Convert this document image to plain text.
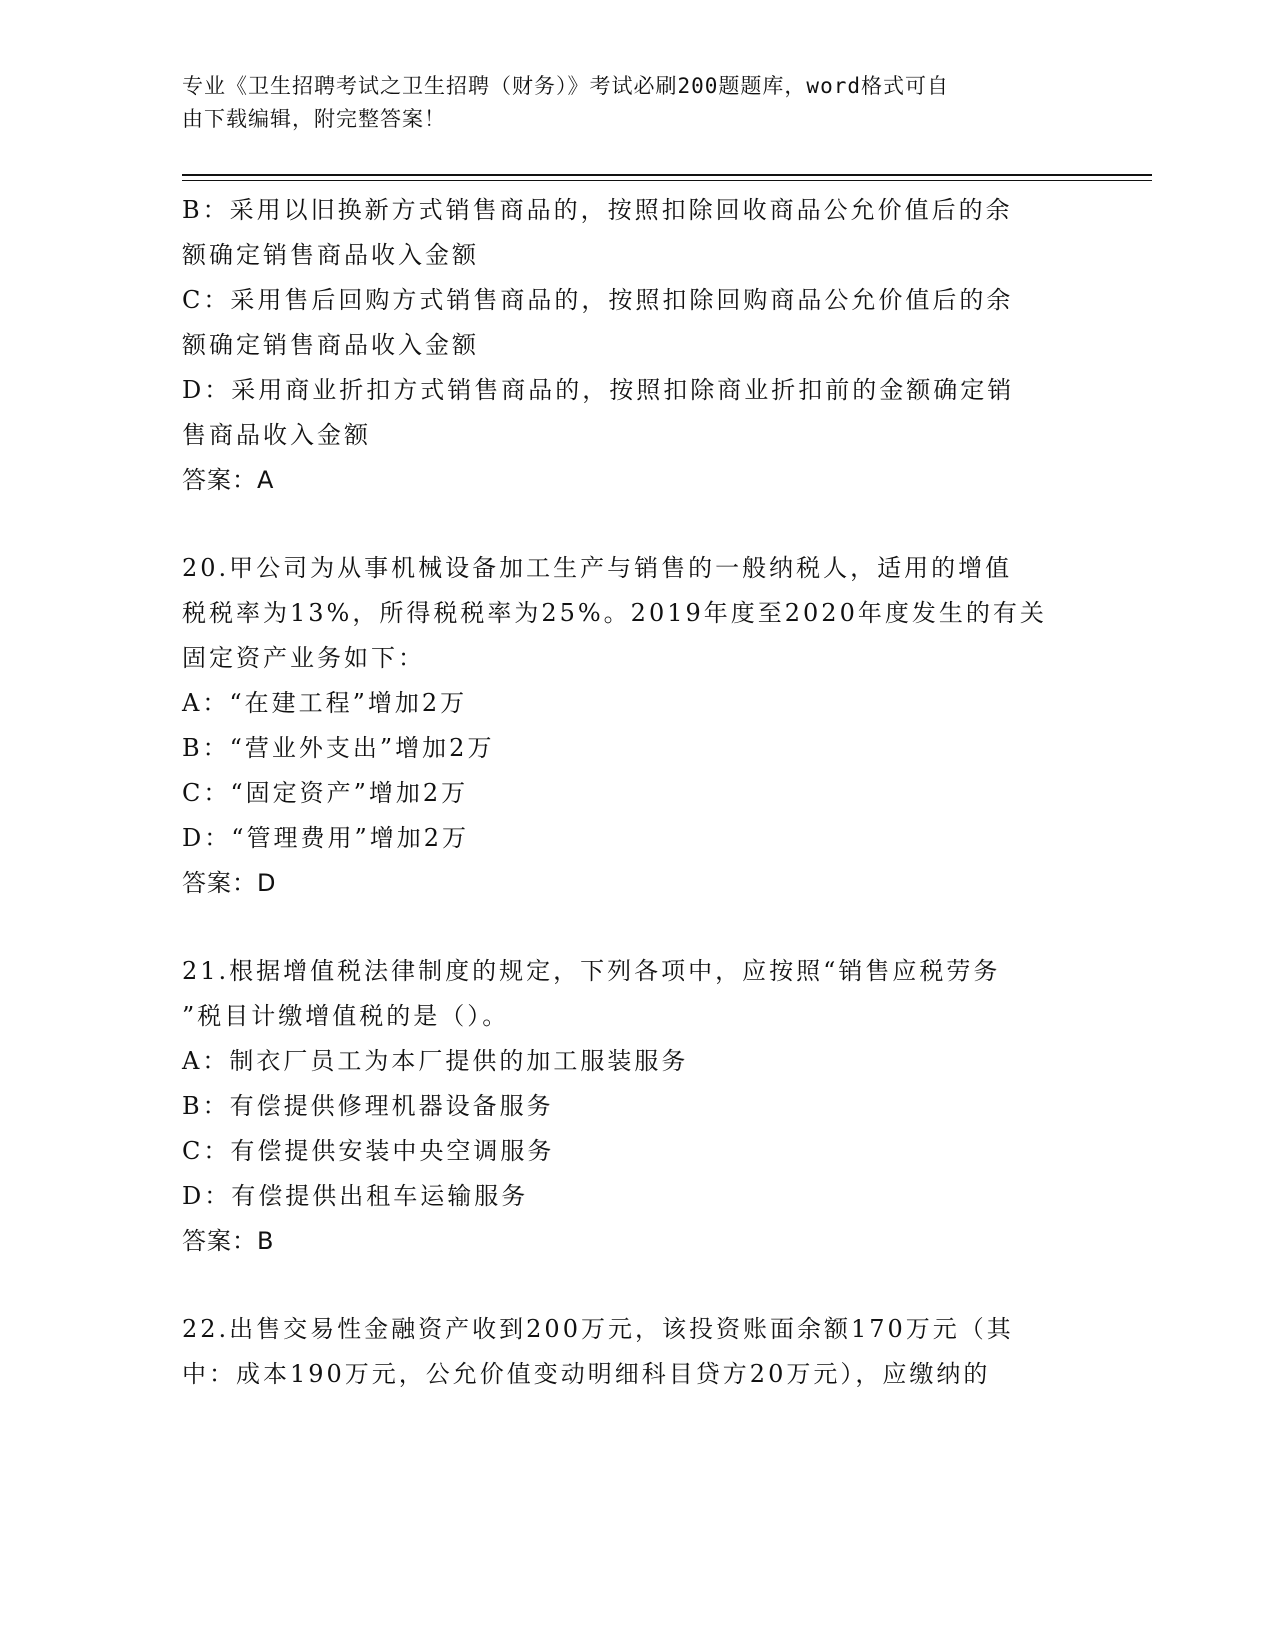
专业《卫生招聘考试之卫生招聘（财务）》考试必刷200题题库，word格式可自
由下载编辑，附完整答案！
B：采用以旧换新方式销售商品的，按照扣除回收商品公允价值后的余
额确定销售商品收入金额
C：采用售后回购方式销售商品的，按照扣除回购商品公允价值后的余
额确定销售商品收入金额
D：采用商业折扣方式销售商品的，按照扣除商业折扣前的金额确定销
售商品收入金额
答案：A
20.甲公司为从事机械设备加工生产与销售的一般纳税人，适用的增值
税税率为13%，所得税税率为25%。2019年度至2020年度发生的有关
固定资产业务如下：
A：“在建工程”增加2万
B：“营业外支出”增加2万
C：“固定资产”增加2万
D：“管理费用”增加2万
答案：D
21.根据增值税法律制度的规定，下列各项中，应按照“销售应税劳务
”税目计缴增值税的是（）。
A：制衣厂员工为本厂提供的加工服装服务
B：有偿提供修理机器设备服务
C：有偿提供安装中央空调服务
D：有偿提供出租车运输服务
答案：B
22.出售交易性金融资产收到200万元，该投资账面余额170万元（其
中：成本190万元，公允价值变动明细科目贷方20万元），应缴纳的
